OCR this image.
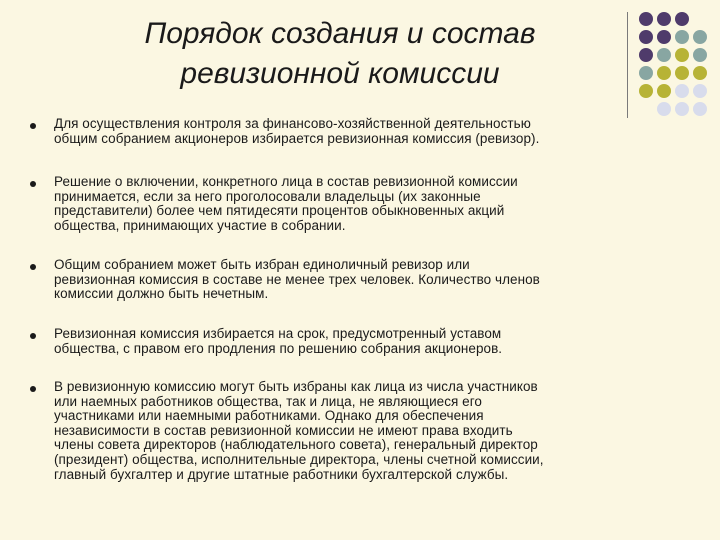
Порядок создания и состав
ревизионной комиссии
Для осуществления контроля за финансово-хозяйственной деятельностью
общим собранием акционеров избирается ревизионная комиссия (ревизор).
Решение о включении, конкретного лица в состав ревизионной комиссии
принимается, если за него проголосовали владельцы (их законные
представители) более чем пятидесяти процентов обыкновенных акций
общества, принимающих участие в собрании.
Общим собранием может быть избран единоличный ревизор или
ревизионная комиссия в составе не менее трех человек. Количество членов
комиссии должно быть нечетным.
Ревизионная комиссия избирается на срок, предусмотренный уставом
общества, с правом его продления по решению собрания акционеров.
В ревизионную комиссию могут быть избраны как лица из числа участников
или наемных работников общества, так и лица, не являющиеся его
участниками или наемными работниками. Однако для обеспечения
независимости в состав ревизионной комиссии не имеют права входить
члены совета директоров (наблюдательного совета), генеральный директор
(президент) общества, исполнительные директора, члены счетной комиссии,
главный бухгалтер и другие штатные работники бухгалтерской службы.
